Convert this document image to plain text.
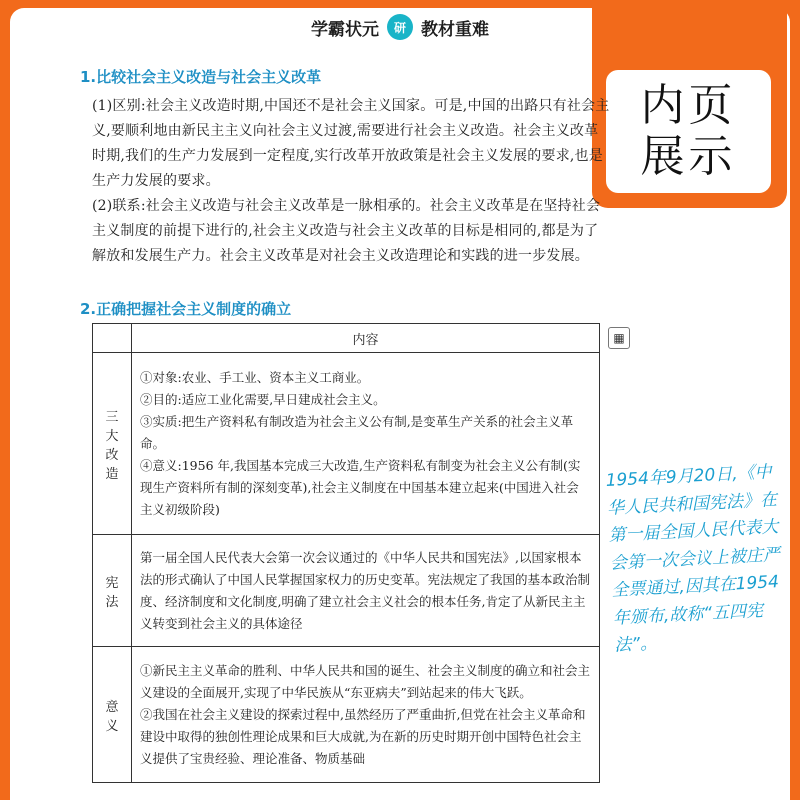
学霸状元	研 教材重难
内页
展示
1.比较社会主义改造与社会主义改革
(1)区别:社会主义改造时期,中国还不是社会主义国家。可是,中国的出路只有社会主义,要顺利地由新民主主义向社会主义过渡,需要进行社会主义改造。社会主义改革时期,我们的生产力发展到一定程度,实行改革开放政策是社会主义发展的要求,也是生产力发展的要求。
(2)联系:社会主义改造与社会主义改革是一脉相承的。社会主义改革是在坚持社会主义制度的前提下进行的,社会主义改造与社会主义改革的目标是相同的,都是为了解放和发展生产力。社会主义改革是对社会主义改造理论和实践的进一步发展。
2.正确把握社会主义制度的确立
	内容
三大改造	①对象:农业、手工业、资本主义工商业。
②目的:适应工业化需要,早日建成社会主义。
③实质:把生产资料私有制改造为社会主义公有制,是变革生产关系的社会主义革命。
④意义:1956 年,我国基本完成三大改造,生产资料私有制变为社会主义公有制(实现生产资料所有制的深刻变革),社会主义制度在中国基本建立起来(中国进入社会主义初级阶段)

宪法	第一届全国人民代表大会第一次会议通过的《中华人民共和国宪法》,以国家根本法的形式确认了中国人民掌握国家权力的历史变革。宪法规定了我国的基本政治制度、经济制度和文化制度,明确了建立社会主义社会的根本任务,肯定了从新民主主义转变到社会主义的具体途径

意义	①新民主主义革命的胜利、中华人民共和国的诞生、社会主义制度的确立和社会主义建设的全面展开,实现了中华民族从“东亚病夫”到站起来的伟大飞跃。
②我国在社会主义建设的探索过程中,虽然经历了严重曲折,但党在社会主义革命和建设中取得的独创性理论成果和巨大成就,为在新的历史时期开创中国特色社会主义提供了宝贵经验、理论准备、物质基础
▦
1954年9月20日,《中华人民共和国宪法》在第一届全国人民代表大会第一次会议上被庄严全票通过,因其在1954年颁布,故称“五四宪法”。
